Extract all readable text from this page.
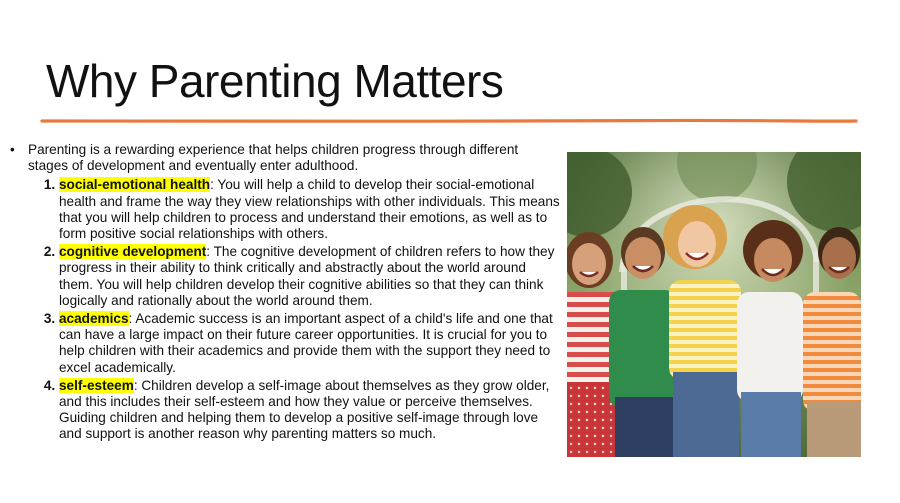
Why Parenting Matters
• Parenting is a rewarding experience that helps children progress through different stages of development and eventually enter adulthood.
1. social-emotional health: You will help a child to develop their social-emotional health and frame the way they view relationships with other individuals. This means that you will help children to process and understand their emotions, as well as to form positive social relationships with others.
2. cognitive development: The cognitive development of children refers to how they progress in their ability to think critically and abstractly about the world around them. You will help children develop their cognitive abilities so that they can think logically and rationally about the world around them.
3. academics: Academic success is an important aspect of a child's life and one that can have a large impact on their future career opportunities. It is crucial for you to help children with their academics and provide them with the support they need to excel academically.
4. self-esteem: Children develop a self-image about themselves as they grow older, and this includes their self-esteem and how they value or perceive themselves. Guiding children and helping them to develop a positive self-image through love and support is another reason why parenting matters so much.
